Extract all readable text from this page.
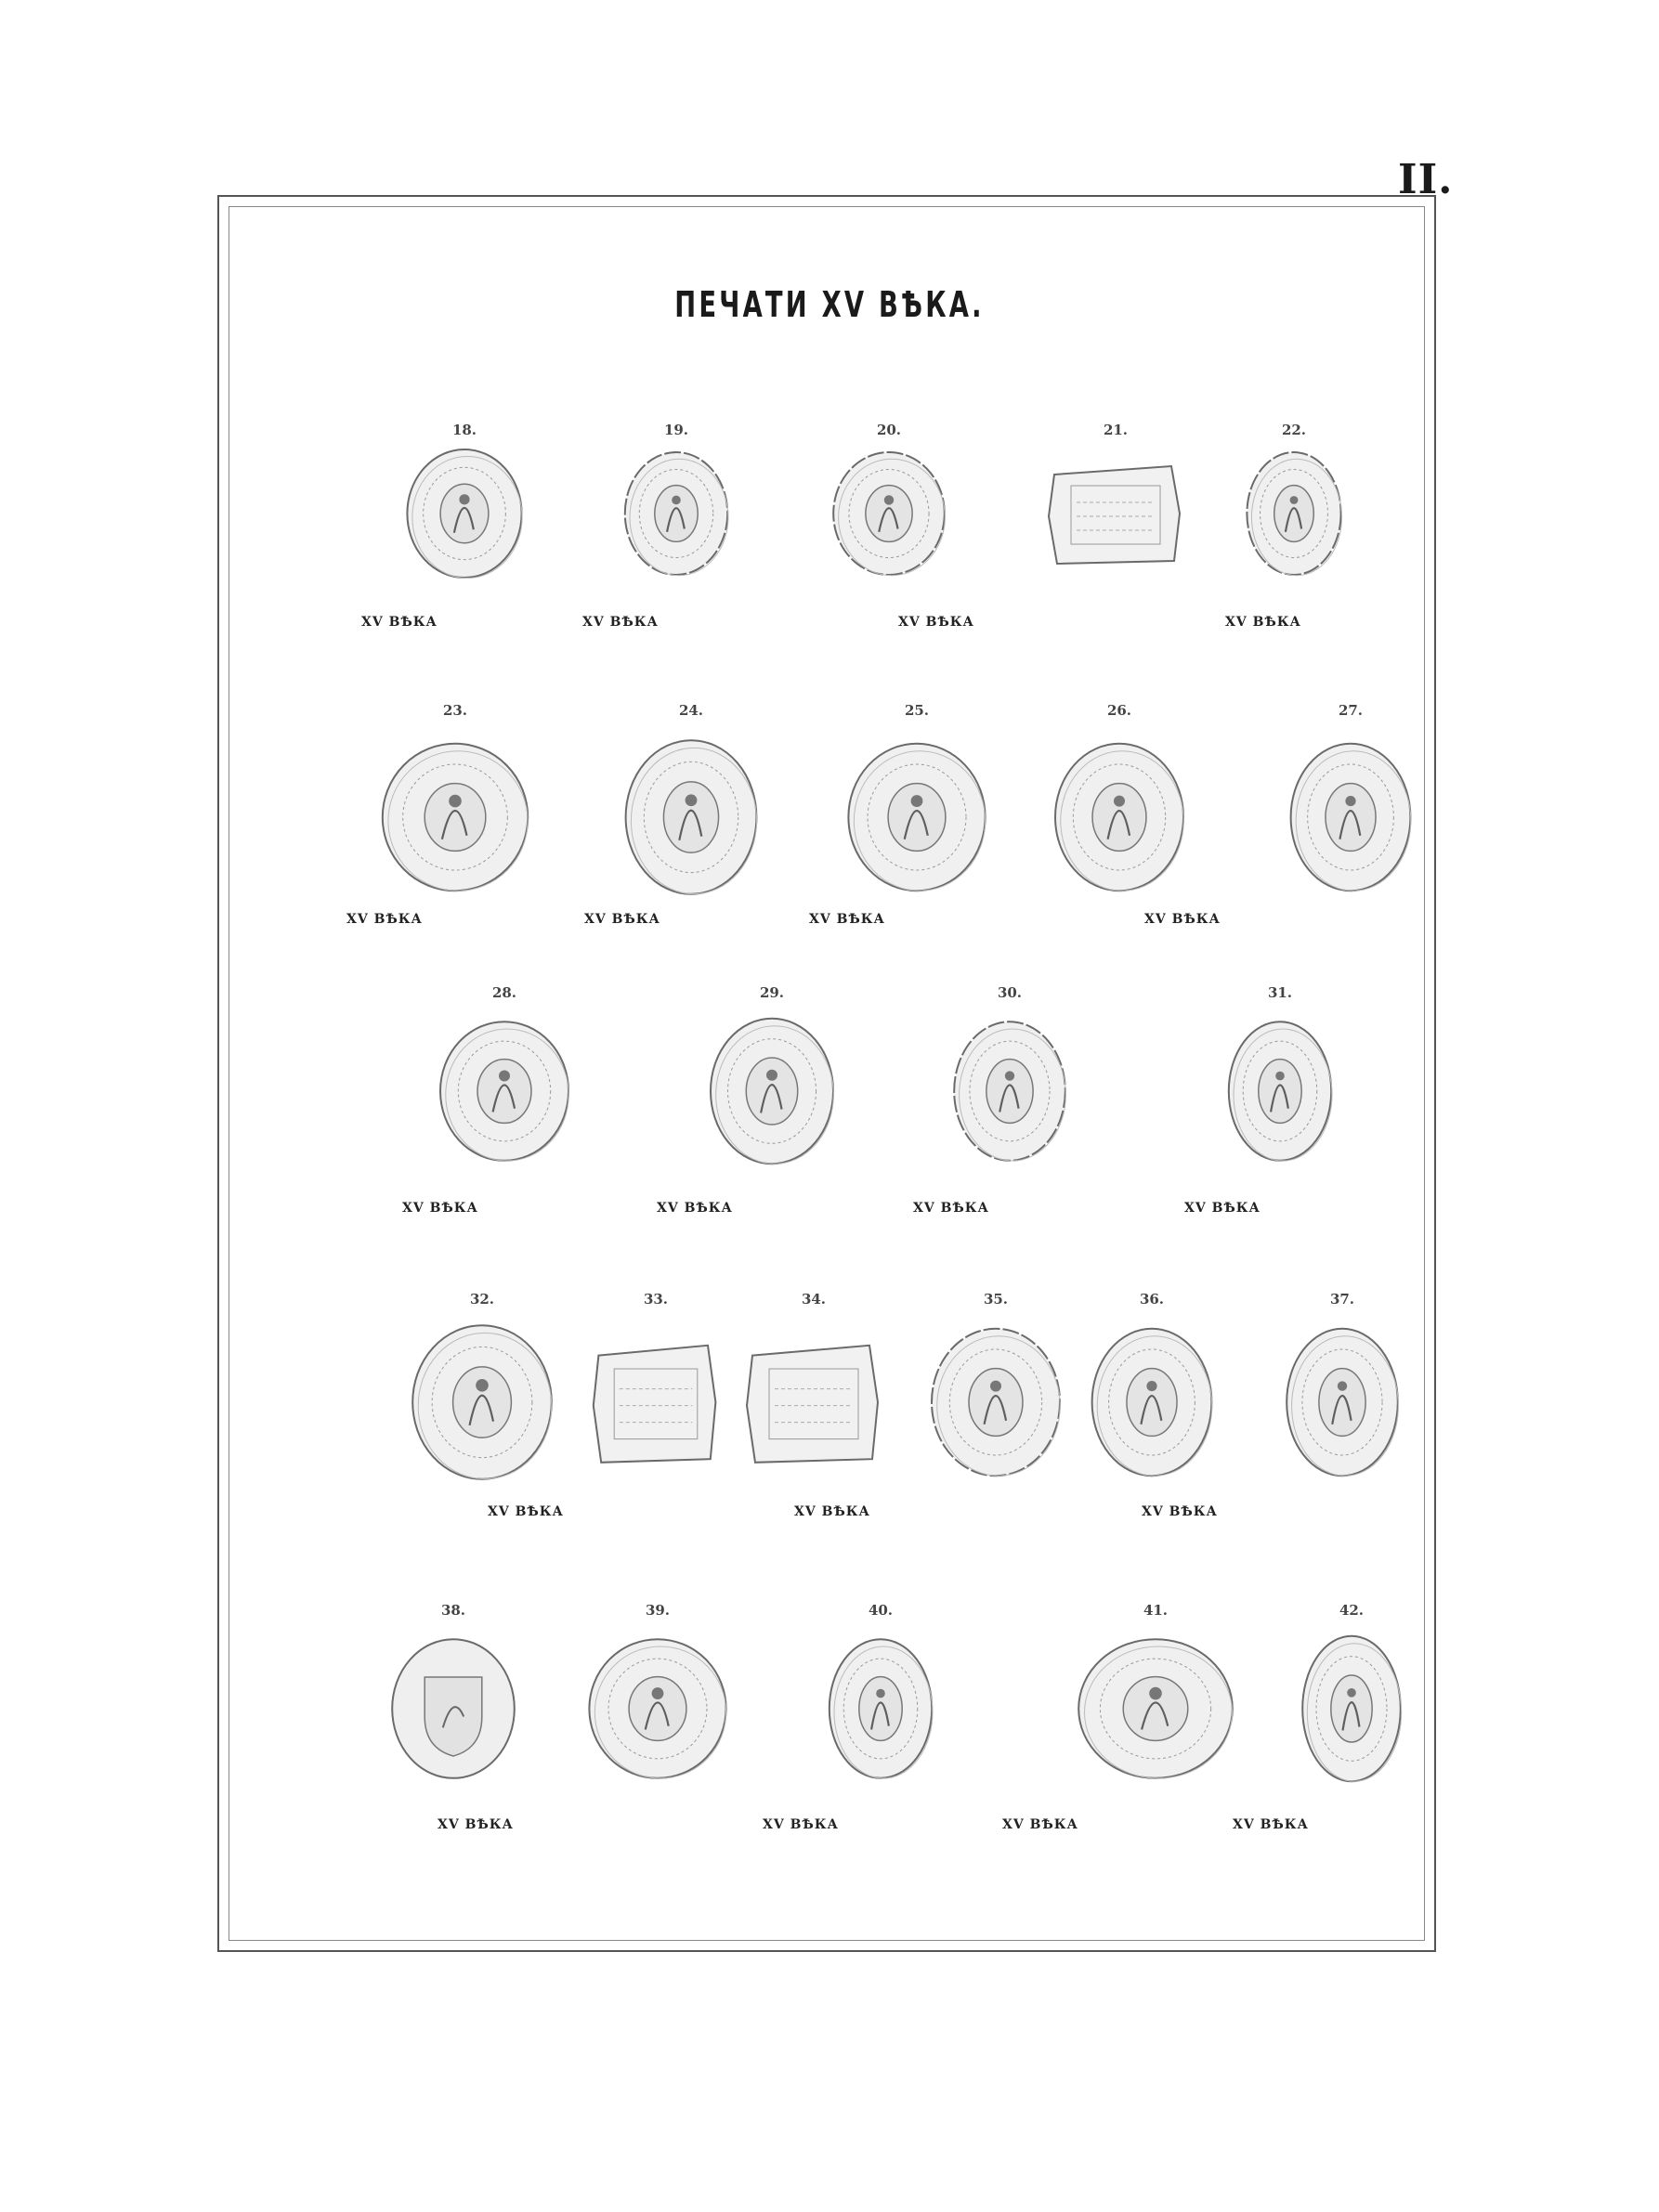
II.
ПЕЧАТИ XV ВѢКА.
18.	19.	20.	21.	22.
XV ВѢКА	XV ВѢКА	XV ВѢКА	XV ВѢКА
23.	24.	25.	26.	27.
XV ВѢКА	XV ВѢКА	XV ВѢКА	XV ВѢКА
28.	29.	30.	31.
XV ВѢКА	XV ВѢКА	XV ВѢКА	XV ВѢКА
32.	33.	34.	35.	36.	37.
XV ВѢКА	XV ВѢКА	XV ВѢКА
38.	39.	40.	41.	42.
XV ВѢКА	XV ВѢКА	XV ВѢКА	XV ВѢКА
